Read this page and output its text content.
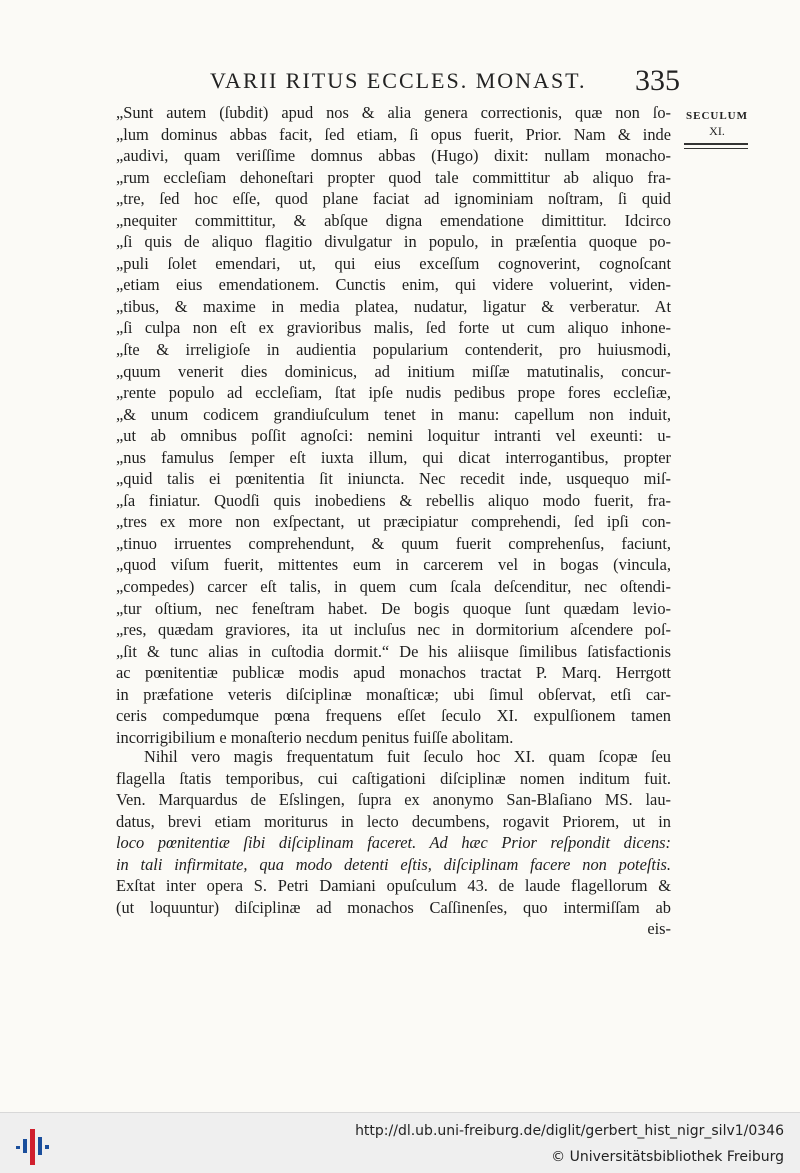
VARII RITUS ECCLES. MONAST. 335
SECULUM
XI.
„Sunt autem (ſubdit) apud nos & alia genera correctionis, quæ non ſo-
„lum dominus abbas facit, ſed etiam, ſi opus fuerit, Prior. Nam & inde
„audivi, quam veriſſime domnus abbas (Hugo) dixit: nullam monacho-
„rum eccleſiam dehoneſtari propter quod tale committitur ab aliquo fra-
„tre, ſed hoc eſſe, quod plane faciat ad ignominiam noſtram, ſi quid
„nequiter committitur, & abſque digna emendatione dimittitur. Idcirco
„ſi quis de aliquo flagitio divulgatur in populo, in præſentia quoque po-
„puli ſolet emendari, ut, qui eius exceſſum cognoverint, cognoſcant
„etiam eius emendationem. Cunctis enim, qui videre voluerint, viden-
„tibus, & maxime in media platea, nudatur, ligatur & verberatur. At
„ſi culpa non eſt ex gravioribus malis, ſed forte ut cum aliquo inhone-
„ſte & irreligioſe in audientia popularium contenderit, pro huiusmodi,
„quum venerit dies dominicus, ad initium miſſæ matutinalis, concur-
„rente populo ad eccleſiam, ſtat ipſe nudis pedibus prope fores eccleſiæ,
„& unum codicem grandiuſculum tenet in manu: capellum non induit,
„ut ab omnibus poſſit agnoſci: nemini loquitur intranti vel exeunti: u-
„nus famulus ſemper eſt iuxta illum, qui dicat interrogantibus, propter
„quid talis ei pœnitentia ſit iniuncta. Nec recedit inde, usquequo miſ-
„ſa finiatur. Quodſi quis inobediens & rebellis aliquo modo fuerit, fra-
„tres ex more non exſpectant, ut præcipiatur comprehendi, ſed ipſi con-
„tinuo irruentes comprehendunt, & quum fuerit comprehenſus, faciunt,
„quod viſum fuerit, mittentes eum in carcerem vel in bogas (vincula,
„compedes) carcer eſt talis, in quem cum ſcala deſcenditur, nec oſtendi-
„tur oſtium, nec feneſtram habet. De bogis quoque ſunt quædam levio-
„res, quædam graviores, ita ut incluſus nec in dormitorium aſcendere poſ-
„ſit & tunc alias in cuſtodia dormit.“ De his aliisque ſimilibus ſatisfactionis
ac pœnitentiæ publicæ modis apud monachos tractat P. Marq. Herrgott
in præfatione veteris diſciplinæ monaſticæ; ubi ſimul obſervat, etſi car-
ceris compedumque pœna frequens eſſet ſeculo XI. expulſionem tamen
incorrigibilium e monaſterio necdum penitus fuiſſe abolitam.
Nihil vero magis frequentatum fuit ſeculo hoc XI. quam ſcopæ ſeu
flagella ſtatis temporibus, cui caſtigationi diſciplinæ nomen inditum fuit.
Ven. Marquardus de Eſslingen, ſupra ex anonymo San-Blaſiano MS. lau-
datus, brevi etiam moriturus in lecto decumbens, rogavit Priorem, ut in
loco pœnitentiæ ſibi diſciplinam faceret. Ad hæc Prior reſpondit dicens:
in tali infirmitate, qua modo detenti eſtis, diſciplinam facere non poteſtis.
Exſtat inter opera S. Petri Damiani opuſculum 43. de laude flagellorum &
(ut loquuntur) diſciplinæ ad monachos Caſſinenſes, quo intermiſſam ab
eis-
http://dl.ub.uni-freiburg.de/diglit/gerbert_hist_nigr_silv1/0346
© Universitätsbibliothek Freiburg
